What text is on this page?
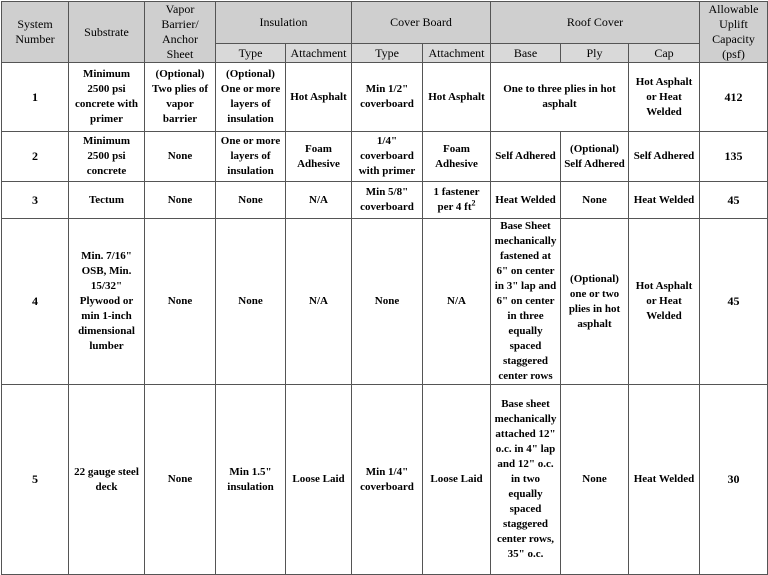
System Number	Substrate	Vapor Barrier/ Anchor Sheet	Insulation		Cover Board		Roof Cover			Allowable Uplift Capacity (psf)
			Type	Attachment	Type	Attachment	Base	Ply	Cap	
1	Minimum 2500 psi concrete with primer	(Optional) Two plies of vapor barrier	(Optional) One or more layers of insulation	Hot Asphalt	Min 1/2" coverboard	Hot Asphalt	One to three plies in hot asphalt		Hot Asphalt or Heat Welded	412
2	Minimum 2500 psi concrete	None	One or more layers of insulation	Foam Adhesive	1/4" coverboard with primer	Foam Adhesive	Self Adhered	(Optional) Self Adhered	Self Adhered	135
3	Tectum	None	None	N/A	Min 5/8" coverboard	1 fastener per 4 $ft^2$	Heat Welded	None	Heat Welded	45
4	Min. 7/16" OSB, Min. 15/32" Plywood or min 1-inch dimensional lumber	None	None	N/A	None	N/A	Base Sheet mechanically fastened at 6" on center in 3" lap and 6" on center in three equally spaced staggered center rows	(Optional) one or two plies in hot asphalt	Hot Asphalt or Heat Welded	45
5	22 gauge steel deck	None	Min 1.5" insulation	Loose Laid	Min 1/4" coverboard	Loose Laid	Base sheet mechanically attached 12" o.c. in 4" lap and 12" o.c. in two equally spaced staggered center rows, 35" o.c.	None	Heat Welded	30
